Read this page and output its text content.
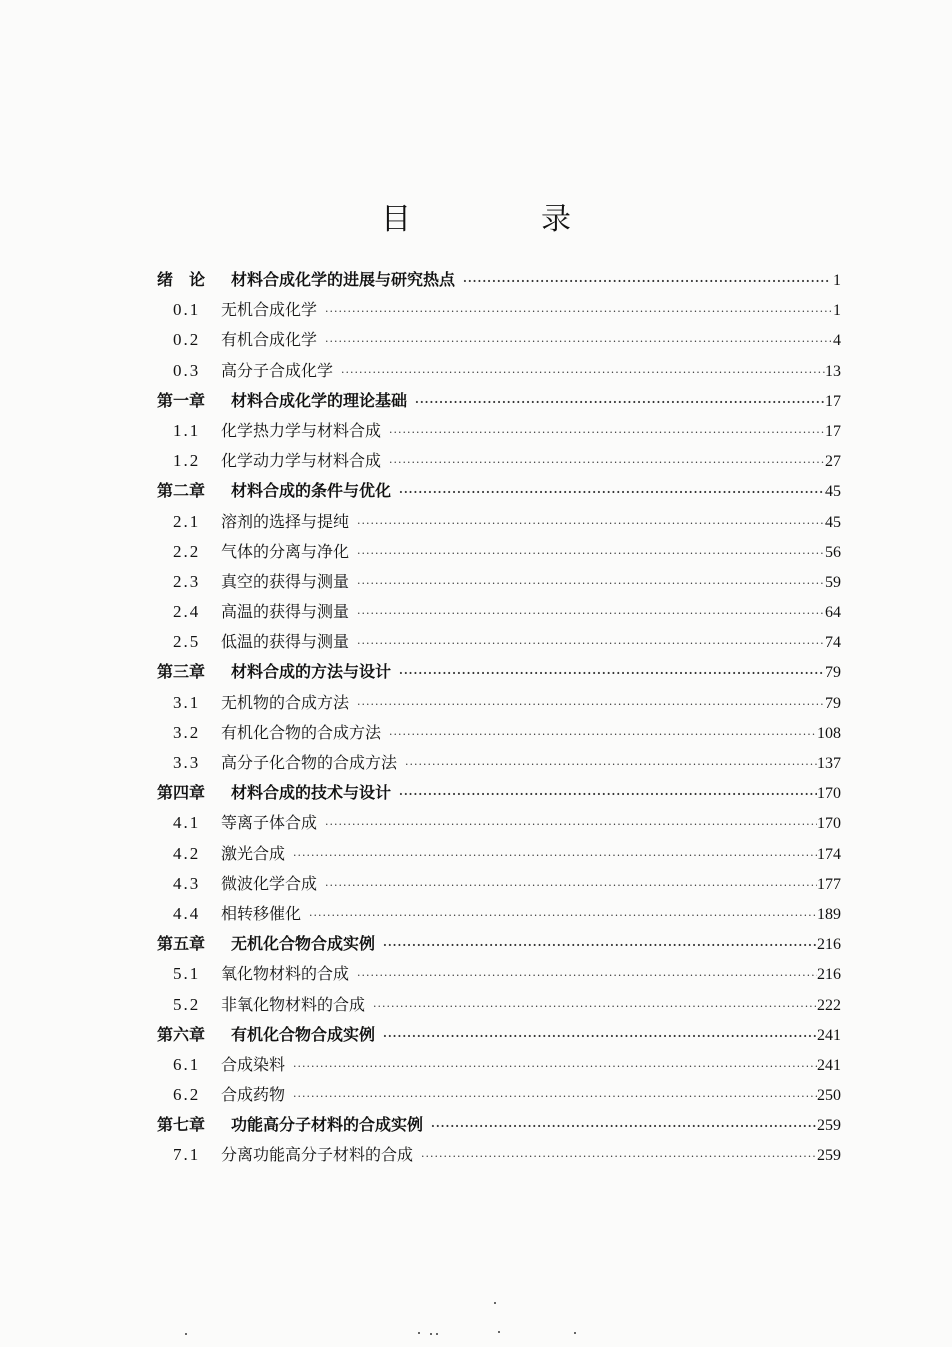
目　录
绪　论	材料合成化学的进展与研究热点 ·····	1
0.1	无机合成化学 ·····	1
0.2	有机合成化学 ·····	4
0.3	高分子合成化学 ·····	13
第一章	材料合成化学的理论基础 ·····	17
1.1	化学热力学与材料合成 ·····	17
1.2	化学动力学与材料合成 ·····	27
第二章	材料合成的条件与优化 ·····	45
2.1	溶剂的选择与提纯 ·····	45
2.2	气体的分离与净化 ·····	56
2.3	真空的获得与测量 ·····	59
2.4	高温的获得与测量 ·····	64
2.5	低温的获得与测量 ·····	74
第三章	材料合成的方法与设计 ·····	79
3.1	无机物的合成方法 ·····	79
3.2	有机化合物的合成方法 ·····	108
3.3	高分子化合物的合成方法 ·····	137
第四章	材料合成的技术与设计 ·····	170
4.1	等离子体合成 ·····	170
4.2	激光合成 ·····	174
4.3	微波化学合成 ·····	177
4.4	相转移催化 ·····	189
第五章	无机化合物合成实例 ·····	216
5.1	氧化物材料的合成 ·····	216
5.2	非氧化物材料的合成 ·····	222
第六章	有机化合物合成实例 ·····	241
6.1	合成染料 ·····	241
6.2	合成药物 ·····	250
第七章	功能高分子材料的合成实例 ·····	259
7.1	分离功能高分子材料的合成 ·····	259
